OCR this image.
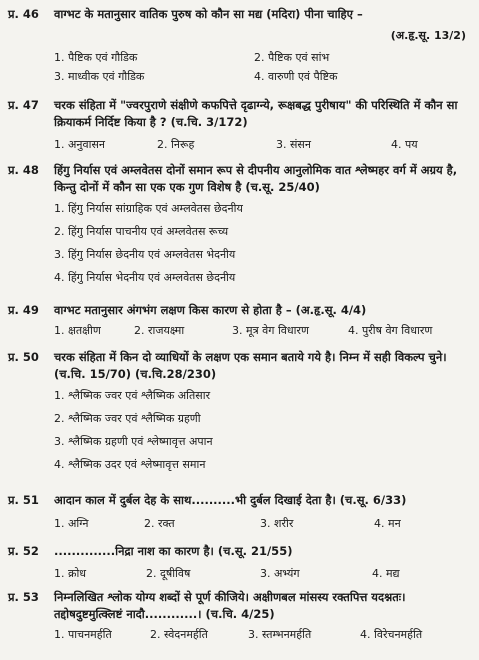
प्र. 46	वाग्भट के मतानुसार वातिक पुरुष को कौन सा मद्य (मदिरा) पीना चाहिए –
(अ.हृ.सू. 13/2)
1. पैष्टिक एवं गौडिक	2. पैष्टिक एवं सांभ
3. माध्वीक एवं गौडिक	4. वारुणी एवं पैष्टिक
प्र. 47	चरक संहिता में "ज्वरपुराणे संक्षीणे कफपित्ते दृढाग्न्ये, रूक्षबद्ध पुरीषाय" की परिस्थिति में कौन सा क्रियाकर्म निर्दिष्ट किया है ? (च.चि. 3/172)
1. अनुवासन	2. निरूह	3. संसन	4. पय
प्र. 48	हिंगु निर्यास एवं अम्लवेतस दोनों समान रूप से दीपनीय आनुलोमिक वात श्लेष्महर वर्ग में अग्रय है, किन्तु दोनों में कौन सा एक एक गुण विशेष है (च.सू. 25/40)
1. हिंगु निर्यास सांग्राहिक एवं अम्लवेतस छेदनीय
2. हिंगु निर्यास पाचनीय एवं अम्लवेतस रूच्य
3. हिंगु निर्यास छेदनीय एवं अम्लवेतस भेदनीय
4. हिंगु निर्यास भेदनीय एवं अम्लवेतस छेदनीय
प्र. 49	वाग्भट मतानुसार अंगभंग लक्षण किस कारण से होता है – (अ.हृ.सू. 4/4)
1. क्षतक्षीण	2. राजयक्ष्मा	3. मूत्र वेग विधारण	4. पुरीष वेग विधारण
प्र. 50	चरक संहिता में किन दो व्याधियों के लक्षण एक समान बताये गये है। निम्न में सही विकल्प चुने। (च.चि. 15/70) (च.चि.28/230)
1. श्लैष्मिक ज्वर एवं श्लैष्मिक अतिसार
2. श्लैष्मिक ज्वर एवं श्लैष्मिक ग्रहणी
3. श्लैष्मिक ग्रहणी एवं श्लेष्मावृत्त अपान
4. श्लैष्मिक उदर एवं श्लेष्मावृत्त समान
प्र. 51	आदान काल में दुर्बल देह के साथ..........भी दुर्बल दिखाई देता है। (च.सू. 6/33)
1. अग्नि	2. रक्त	3. शरीर	4. मन
प्र. 52	..............निद्रा नाश का कारण है। (च.सू. 21/55)
1. क्रोध	2. दूषीविष	3. अभ्यंग	4. मद्य
प्र. 53	निम्नलिखित श्लोक योग्य शब्दों से पूर्ण कीजिये। अक्षीणबल मांसस्य रक्तपित्त यदश्नतः। तद्दोषदुष्टमुत्क्लिष्टं नादौ............। (च.चि. 4/25)
1. पाचनमर्हति	2. स्वेदनमर्हति	3. स्तम्भनमर्हति	4. विरेचनमर्हति
